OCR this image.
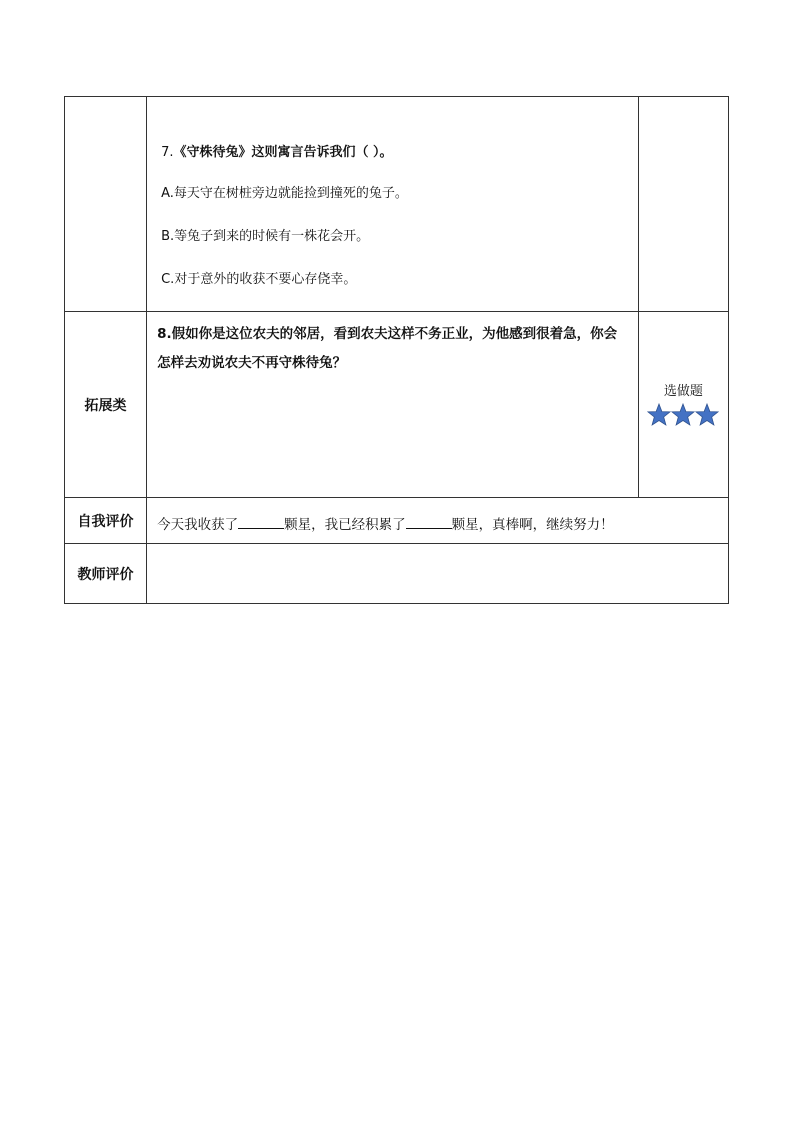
	7.《守株待兔》这则寓言告诉我们（ ）。
A.每天守在树桩旁边就能捡到撞死的兔子。
B.等兔子到来的时候有一株花会开。
C.对于意外的收获不要心存侥幸。	

拓展类	8.假如你是这位农夫的邻居，看到农夫这样不务正业，为他感到很着急，你会
怎样去劝说农夫不再守株待兔？	选做题

自我评价	今天我收获了 颗星，我已经积累了 颗星，真棒啊，继续努力！	

教师评价		
